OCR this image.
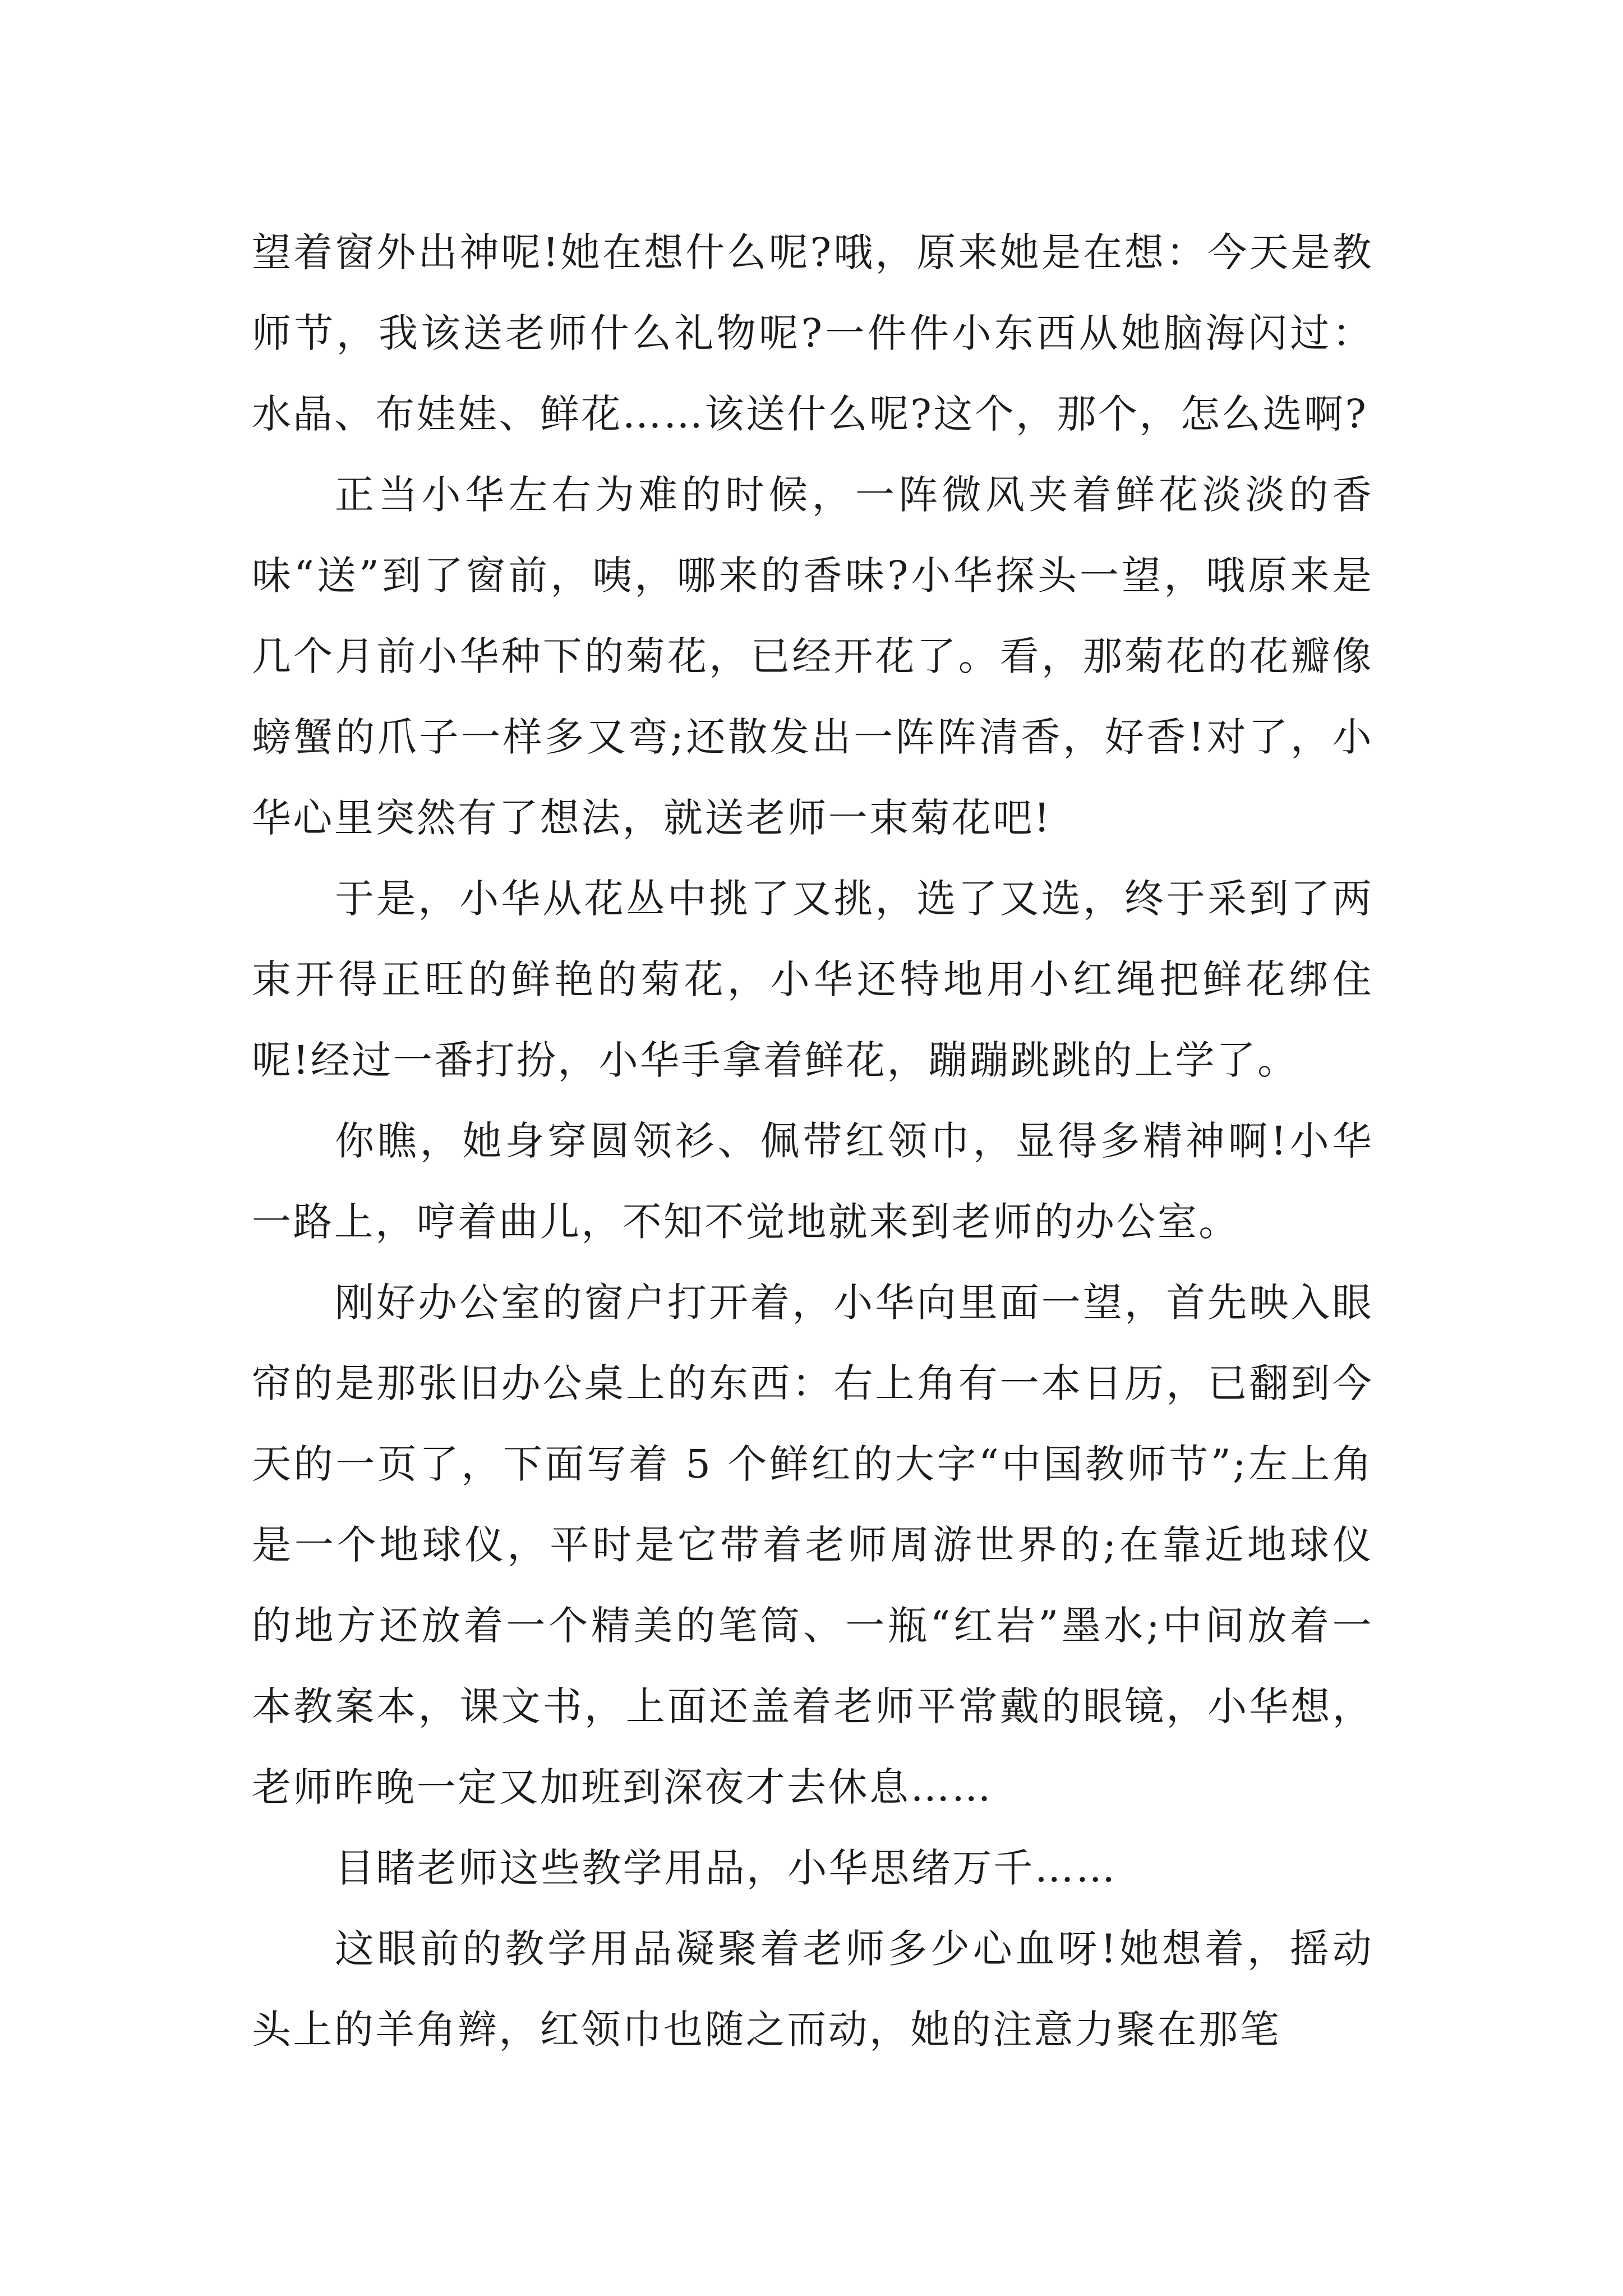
望着窗外出神呢!她在想什么呢?哦，原来她是在想：今天是教师节，我该送老师什么礼物呢?一件件小东西从她脑海闪过：水晶、布娃娃、鲜花……该送什么呢?这个，那个，怎么选啊?

正当小华左右为难的时候，一阵微风夹着鲜花淡淡的香味“送”到了窗前，咦，哪来的香味?小华探头一望，哦原来是几个月前小华种下的菊花，已经开花了。看，那菊花的花瓣像螃蟹的爪子一样多又弯;还散发出一阵阵清香，好香!对了，小华心里突然有了想法，就送老师一束菊花吧!

于是，小华从花丛中挑了又挑，选了又选，终于采到了两束开得正旺的鲜艳的菊花，小华还特地用小红绳把鲜花绑住呢!经过一番打扮，小华手拿着鲜花，蹦蹦跳跳的上学了。

你瞧，她身穿圆领衫、佩带红领巾，显得多精神啊!小华一路上，哼着曲儿，不知不觉地就来到老师的办公室。

刚好办公室的窗户打开着，小华向里面一望，首先映入眼帘的是那张旧办公桌上的东西：右上角有一本日历，已翻到今天的一页了，下面写着 5 个鲜红的大字“中国教师节”;左上角是一个地球仪，平时是它带着老师周游世界的;在靠近地球仪的地方还放着一个精美的笔筒、一瓶“红岩”墨水;中间放着一本教案本，课文书，上面还盖着老师平常戴的眼镜，小华想，老师昨晚一定又加班到深夜才去休息……

目睹老师这些教学用品，小华思绪万千……

这眼前的教学用品凝聚着老师多少心血呀!她想着，摇动头上的羊角辫，红领巾也随之而动，她的注意力聚在那笔
